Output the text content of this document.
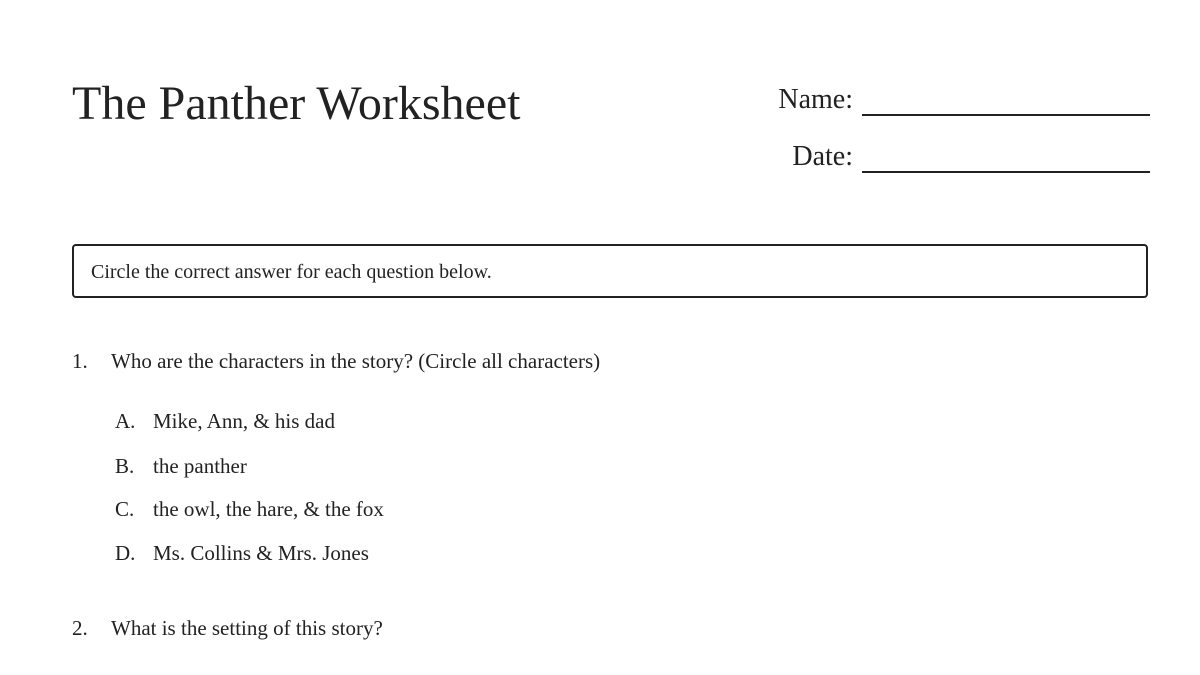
The Panther Worksheet	Name:
Date:
Circle the correct answer for each question below.
1. Who are the characters in the story? (Circle all characters)
A. Mike, Ann, & his dad
B. the panther
C. the owl, the hare, & the fox
D. Ms. Collins & Mrs. Jones
2. What is the setting of this story?
